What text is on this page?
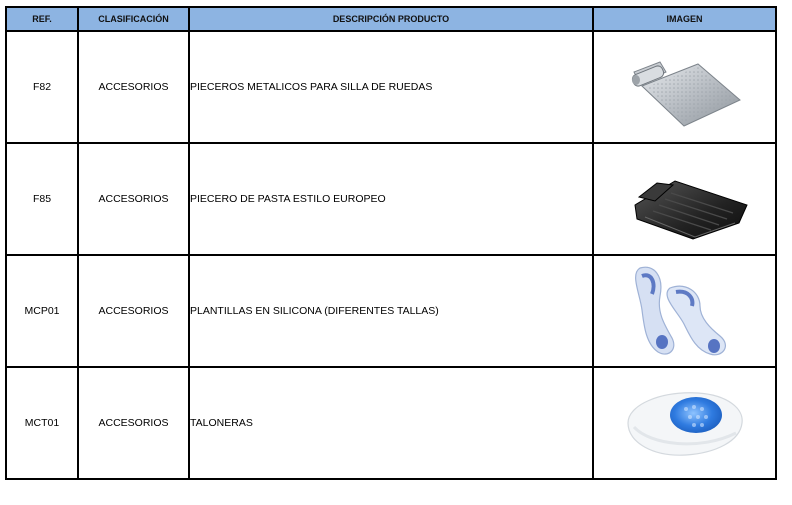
REF.	CLASIFICACIÓN	DESCRIPCIÓN PRODUCTO	IMAGEN
F82	ACCESORIOS	PIECEROS METALICOS PARA SILLA DE RUEDAS	

F85	ACCESORIOS	PIECERO DE PASTA ESTILO EUROPEO	

MCP01	ACCESORIOS	PLANTILLAS EN SILICONA (DIFERENTES TALLAS)	

MCT01	ACCESORIOS	TALONERAS	
